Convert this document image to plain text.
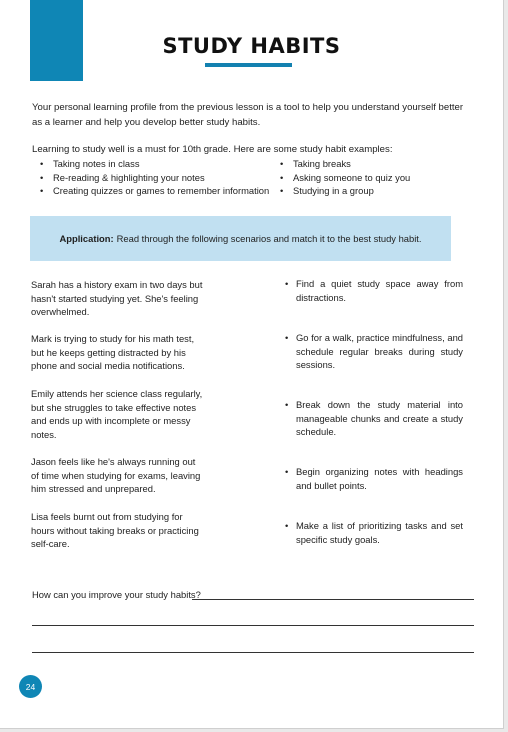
STUDY HABITS
Your personal learning profile from the previous lesson is a tool to help you understand yourself better as a learner and help you develop better study habits.
Learning to study well is a must for 10th grade. Here are some study habit examples:
• Taking notes in class
• Re-reading & highlighting your notes
• Creating quizzes or games to remember information
• Taking breaks
• Asking someone to quiz you
• Studying in a group
Application: Read through the following scenarios and match it to the best study habit.
Sarah has a history exam in two days but hasn't started studying yet. She's feeling overwhelmed.
Mark is trying to study for his math test, but he keeps getting distracted by his phone and social media notifications.
Emily attends her science class regularly, but she struggles to take effective notes and ends up with incomplete or messy notes.
Jason feels like he's always running out of time when studying for exams, leaving him stressed and unprepared.
Lisa feels burnt out from studying for hours without taking breaks or practicing self-care.
• Find a quiet study space away from distractions.
• Go for a walk, practice mindfulness, and schedule regular breaks during study sessions.
• Break down the study material into manageable chunks and create a study schedule.
• Begin organizing notes with headings and bullet points.
• Make a list of prioritizing tasks and set specific study goals.
How can you improve your study habits?
24
